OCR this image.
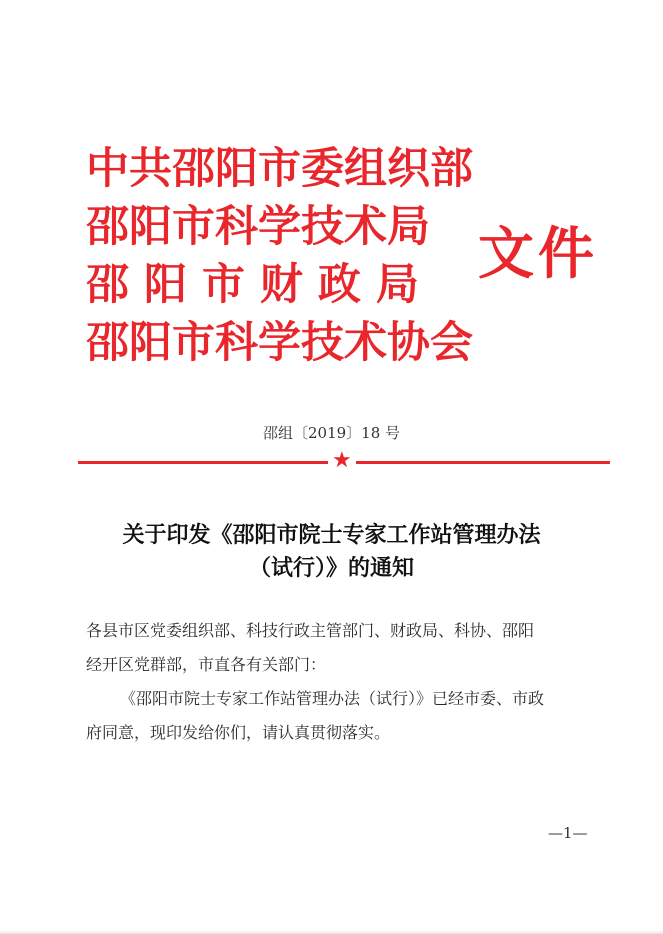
中共邵阳市委组织部
邵阳市科学技术局
邵 阳 市 财 政 局
邵阳市科学技术协会
文件
邵组〔2019〕18 号
★
关于印发《邵阳市院士专家工作站管理办法
（试行）》的通知
各县市区党委组织部、科技行政主管部门、财政局、科协、邵阳
经开区党群部，市直各有关部门：
《邵阳市院士专家工作站管理办法（试行）》已经市委、市政
府同意，现印发给你们，请认真贯彻落实。
—1—
